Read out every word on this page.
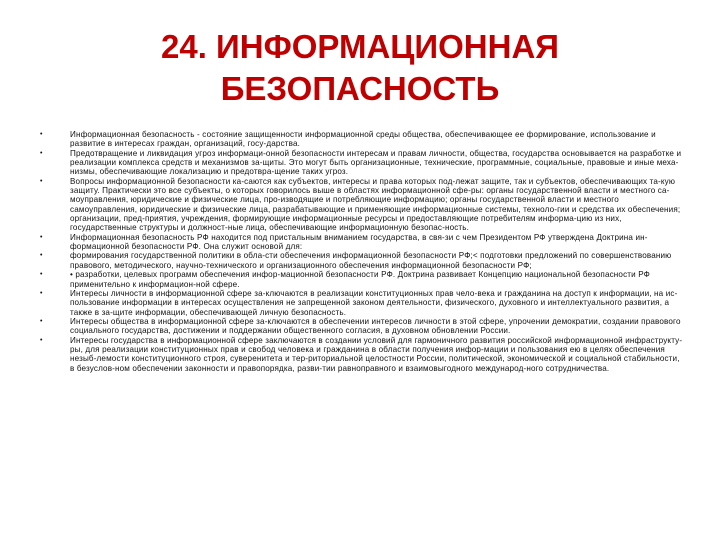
24. ИНФОРМАЦИОННАЯ
БЕЗОПАСНОСТЬ
•	Информационная безопасность - состояние защищенности информационной среды общества, обеспечивающее ее формирование, использование и развитие в интересах граждан, организаций, госу-дарства.
•	Предотвращение и ликвидация угроз информаци-онной безопасности интересам и правам личности, общества, государства основывается на разработке и реализации комплекса средств и механизмов за-щиты. Это могут быть организационные, технические, программные, социальные, правовые и иные меха-низмы, обеспечивающие локализацию и предотвра-щение таких угроз.
•	Вопросы информационной безопасности ка-саются как субъектов, интересы и права которых под-лежат защите, так и субъектов, обеспечивающих та-кую защиту. Практически это все субъекты, о которых говорилось выше в областях информационной сфе-ры: органы государственной власти и местного са-моуправления, юридические и физические лица, про-изводящие и потребляющие информацию; органы государственной власти и местного самоуправления, юридические и физические лица, разрабатывающие и применяющие информационные системы, техноло-гии и средства их обеспечения; организации, пред-приятия, учреждения, формирующие информационные ресурсы и предоставляющие потребителям информа-цию из них, государственные структуры и должност-ные лица, обеспечивающие информационную безопас-ность.
•	Информационная безопасность РФ находится под пристальным вниманием государства, в свя-зи с чем Президентом РФ утверждена Доктрина ин-формационной безопасности РФ. Она служит основой для:
•	формирования государственной политики в обла-сти обеспечения информационной безопасности РФ;< подготовки предложений по совершенствованию правового, методического, научно-технического и организационного обеспечения информационной безопасности РФ;
•	• разработки, целевых программ обеспечения инфор-мационной безопасности РФ. Доктрина развивает Концепцию национальной безопасности РФ применительно к информацион-ной сфере.
•	Интересы личности в информационной сфере за-ключаются в реализации конституционных прав чело-века и гражданина на доступ к информации, на ис-пользование информации в интересах осуществления не запрещенной законом деятельности, физического, духовного и интеллектуального развития, а также в за-щите информации, обеспечивающей личную безопасность.
•	Интересы общества в информационной сфере за-ключаются в обеспечении интересов личности в этой сфере, упрочении демократии, создании правового социального государства, достижении и поддержании общественного согласия, в духовном обновлении России.
•	Интересы государства в информационной сфере заключаются в создании условий для гармоничного развития российской информационной инфраструкту-ры, для реализации конституционных прав и свобод человека и гражданина в области получения инфор-мации и пользования ею в целях обеспечения незыб-лемости конституционного строя, суверенитета и тер-риториальной целостности России, политической, экономической и социальной стабильности, в безуслов-ном обеспечении законности и правопорядка, разви-тии равноправного и взаимовыгодного международ-ного сотрудничества.
